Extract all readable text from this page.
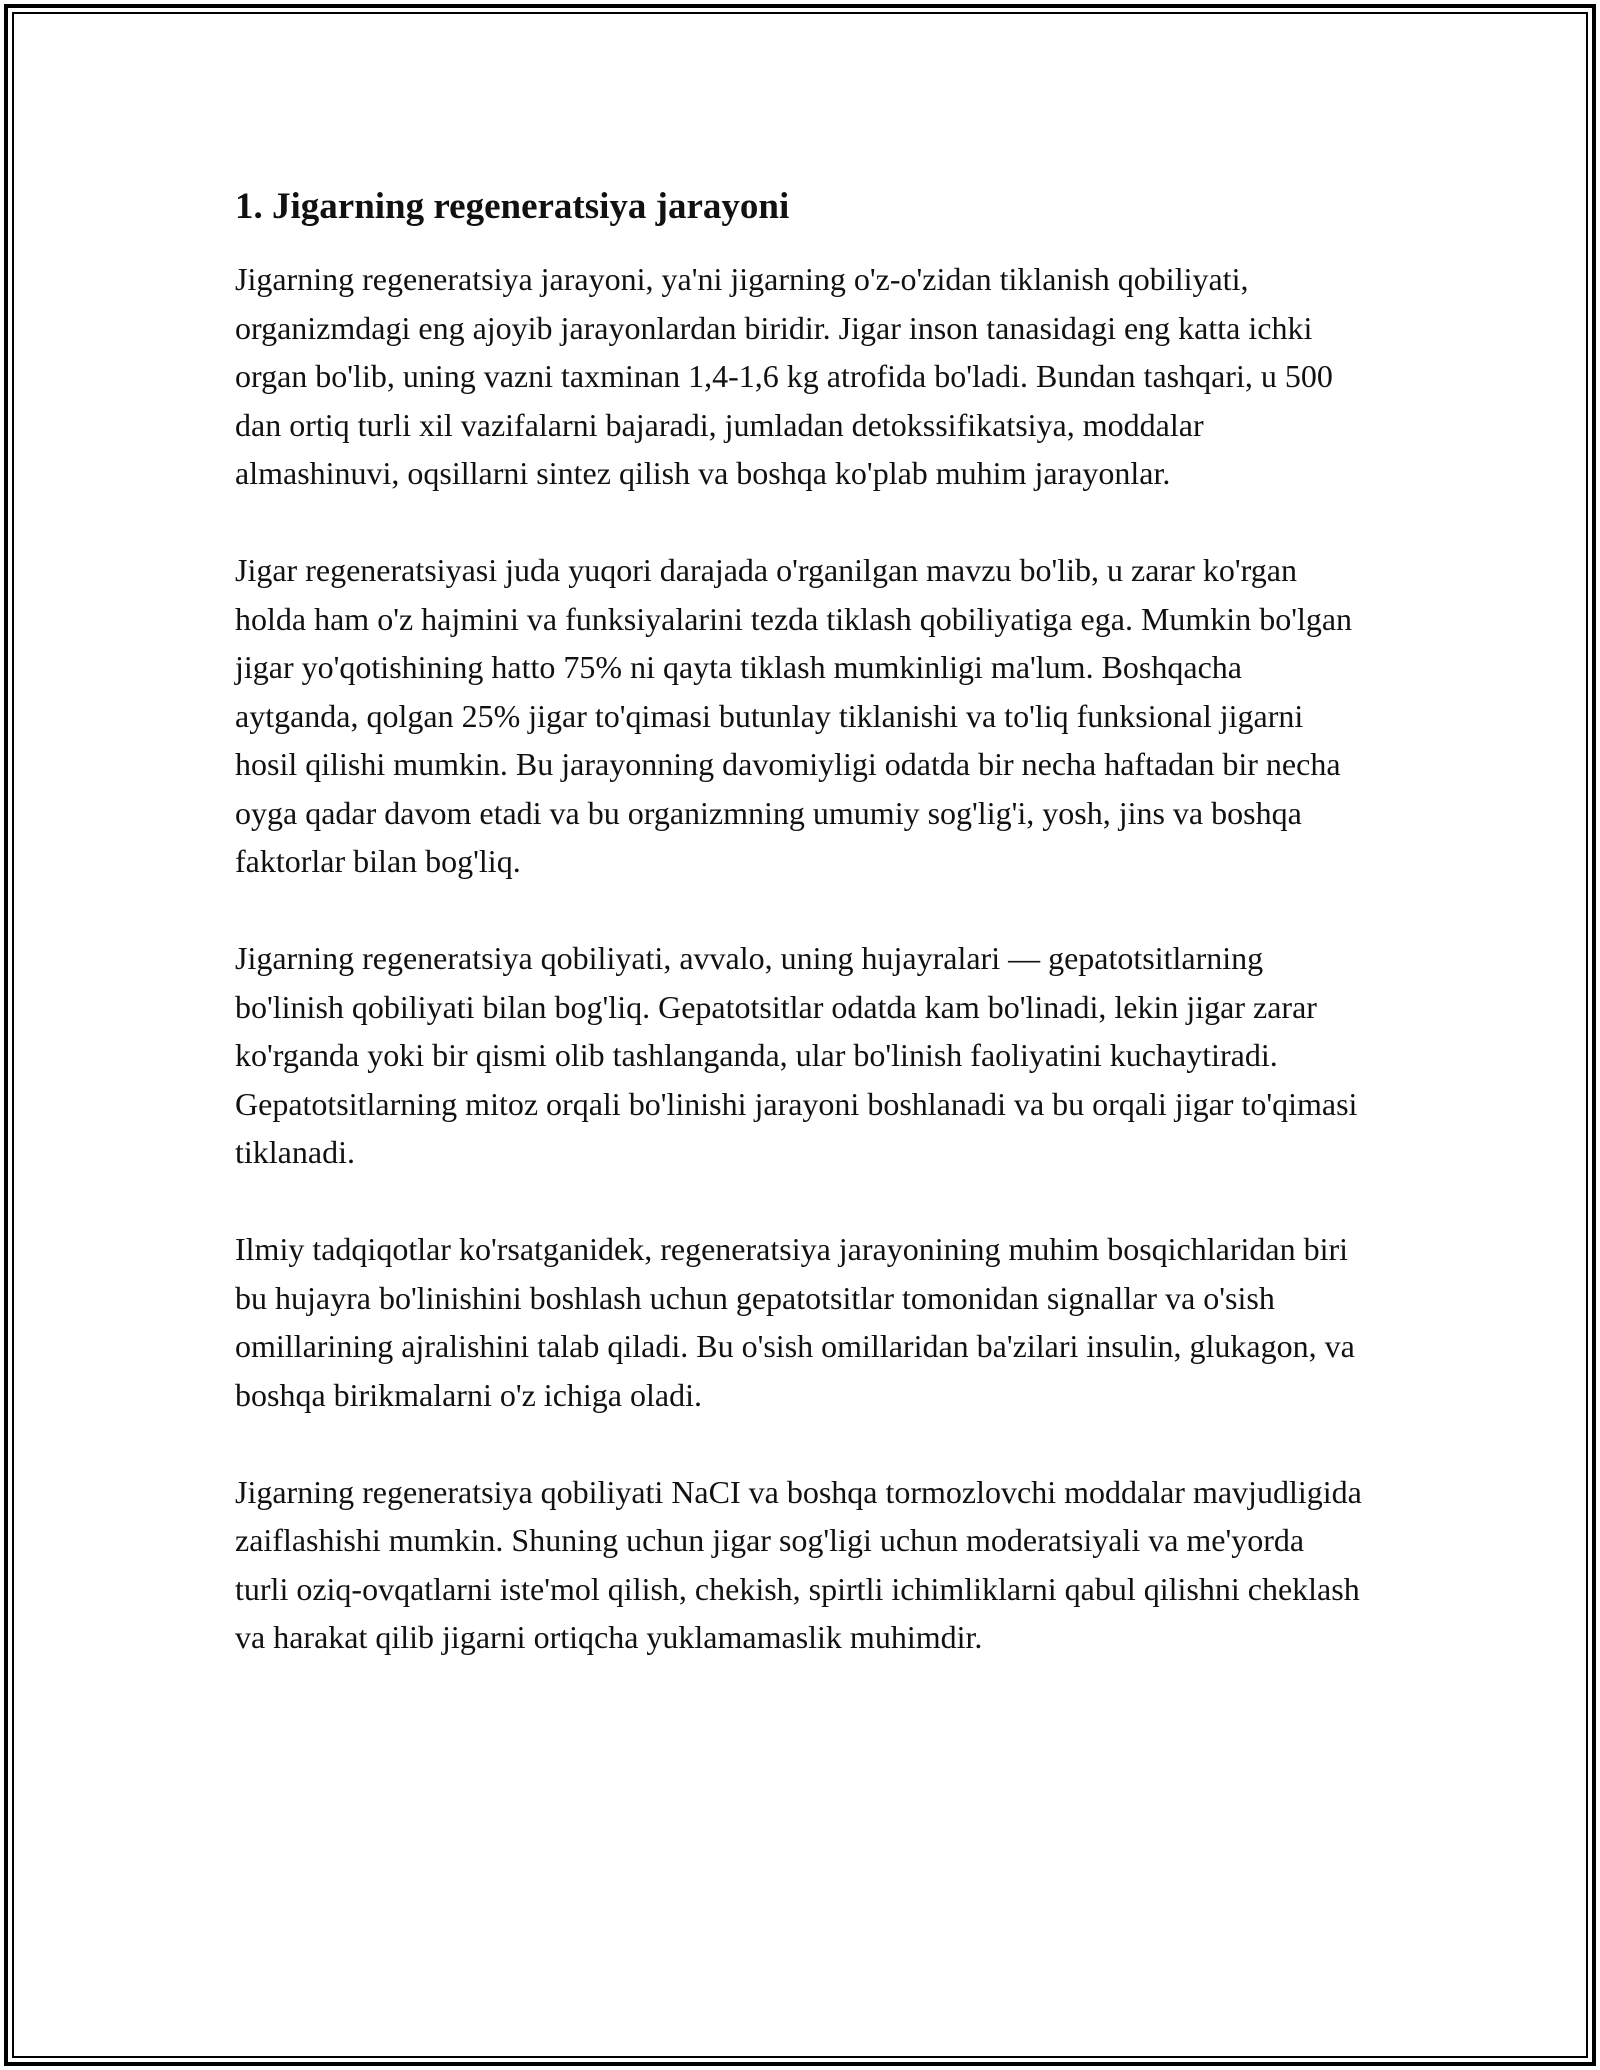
1. Jigarning regeneratsiya jarayoni

Jigarning regeneratsiya jarayoni, ya'ni jigarning o'z-o'zidan tiklanish qobiliyati, organizmdagi eng ajoyib jarayonlardan biridir. Jigar inson tanasidagi eng katta ichki organ bo'lib, uning vazni taxminan 1,4-1,6 kg atrofida bo'ladi. Bundan tashqari, u 500 dan ortiq turli xil vazifalarni bajaradi, jumladan detokssifikatsiya, moddalar almashinuvi, oqsillarni sintez qilish va boshqa ko'plab muhim jarayonlar.

Jigar regeneratsiyasi juda yuqori darajada o'rganilgan mavzu bo'lib, u zarar ko'rgan holda ham o'z hajmini va funksiyalarini tezda tiklash qobiliyatiga ega. Mumkin bo'lgan jigar yo'qotishining hatto 75% ni qayta tiklash mumkinligi ma'lum. Boshqacha aytganda, qolgan 25% jigar to'qimasi butunlay tiklanishi va to'liq funksional jigarni hosil qilishi mumkin. Bu jarayonning davomiyligi odatda bir necha haftadan bir necha oyga qadar davom etadi va bu organizmning umumiy sog'lig'i, yosh, jins va boshqa faktorlar bilan bog'liq.

Jigarning regeneratsiya qobiliyati, avvalo, uning hujayralari — gepatotsitlarning bo'linish qobiliyati bilan bog'liq. Gepatotsitlar odatda kam bo'linadi, lekin jigar zarar ko'rganda yoki bir qismi olib tashlanganda, ular bo'linish faoliyatini kuchaytiradi. Gepatotsitlarning mitoz orqali bo'linishi jarayoni boshlanadi va bu orqali jigar to'qimasi tiklanadi.

Ilmiy tadqiqotlar ko'rsatganidek, regeneratsiya jarayonining muhim bosqichlaridan biri bu hujayra bo'linishini boshlash uchun gepatotsitlar tomonidan signallar va o'sish omillarining ajralishini talab qiladi. Bu o'sish omillaridan ba'zilari insulin, glukagon, va boshqa birikmalarni o'z ichiga oladi.

Jigarning regeneratsiya qobiliyati NaCI va boshqa tormozlovchi moddalar mavjudligida zaiflashishi mumkin. Shuning uchun jigar sog'ligi uchun moderatsiyali va me'yorda turli oziq-ovqatlarni iste'mol qilish, chekish, spirtli ichimliklarni qabul qilishni cheklash va harakat qilib jigarni ortiqcha yuklamamaslik muhimdir.
